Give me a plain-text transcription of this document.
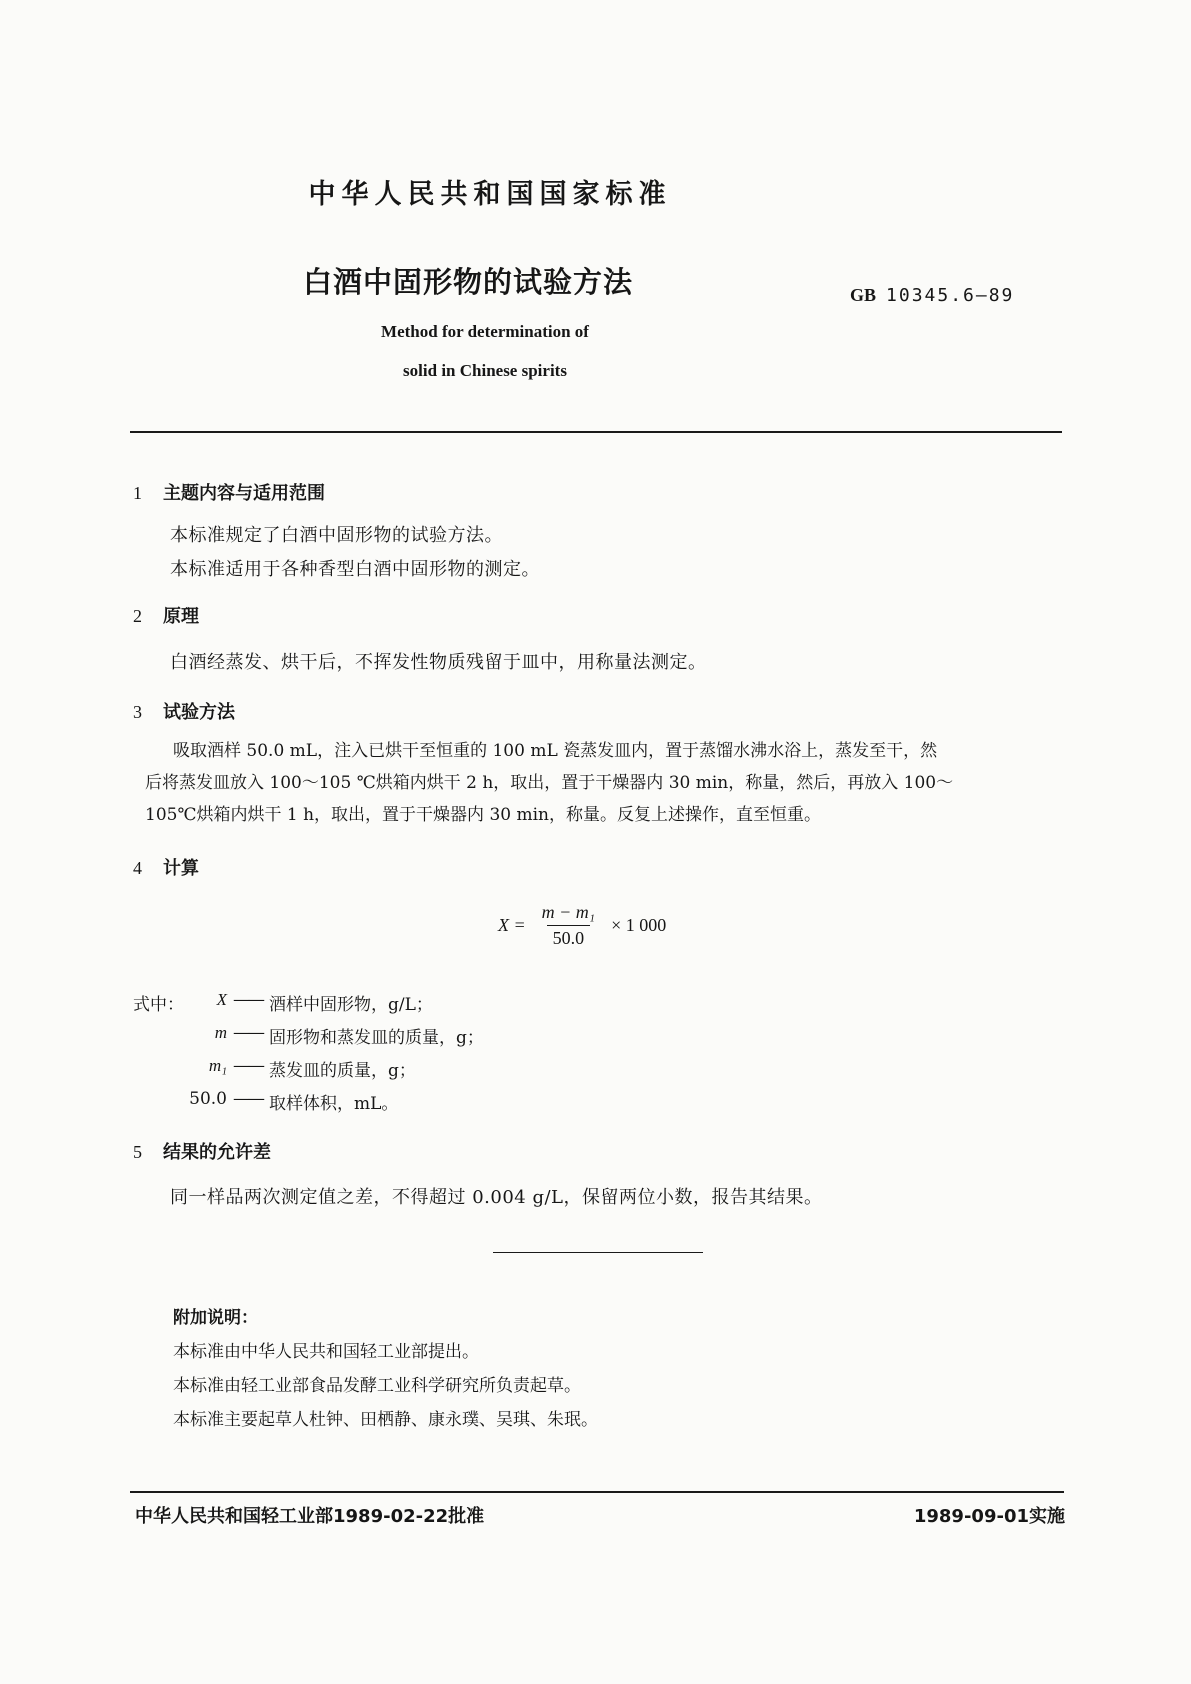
中华人民共和国国家标准
白酒中固形物的试验方法	GB 10345.6—89
Method for determination of
solid in Chinese spirits
1 主题内容与适用范围
本标准规定了白酒中固形物的试验方法。
本标准适用于各种香型白酒中固形物的测定。
2 原理
白酒经蒸发、烘干后，不挥发性物质残留于皿中，用称量法测定。
3 试验方法
吸取酒样 50.0 mL，注入已烘干至恒重的 100 mL 瓷蒸发皿内，置于蒸馏水沸水浴上，蒸发至干，然
后将蒸发皿放入 100～105 ℃烘箱内烘干 2 h，取出，置于干燥器内 30 min，称量，然后，再放入 100～
105℃烘箱内烘干 1 h，取出，置于干燥器内 30 min，称量。反复上述操作，直至恒重。
4 计算
$X = \frac{\text{m − m₁}}{50.0} \times 1$ 000
式中：	X —— 酒样中固形物，g/L；
m —— 固形物和蒸发皿的质量，g；
m₁ —— 蒸发皿的质量，g；
50.0 —— 取样体积，mL。
5 结果的允许差
同一样品两次测定值之差，不得超过 0.004 g/L，保留两位小数，报告其结果。
附加说明：
本标准由中华人民共和国轻工业部提出。
本标准由轻工业部食品发酵工业科学研究所负责起草。
本标准主要起草人杜钟、田栖静、康永璞、吴琪、朱珉。
中华人民共和国轻工业部1989-02-22批准	1989-09-01实施
